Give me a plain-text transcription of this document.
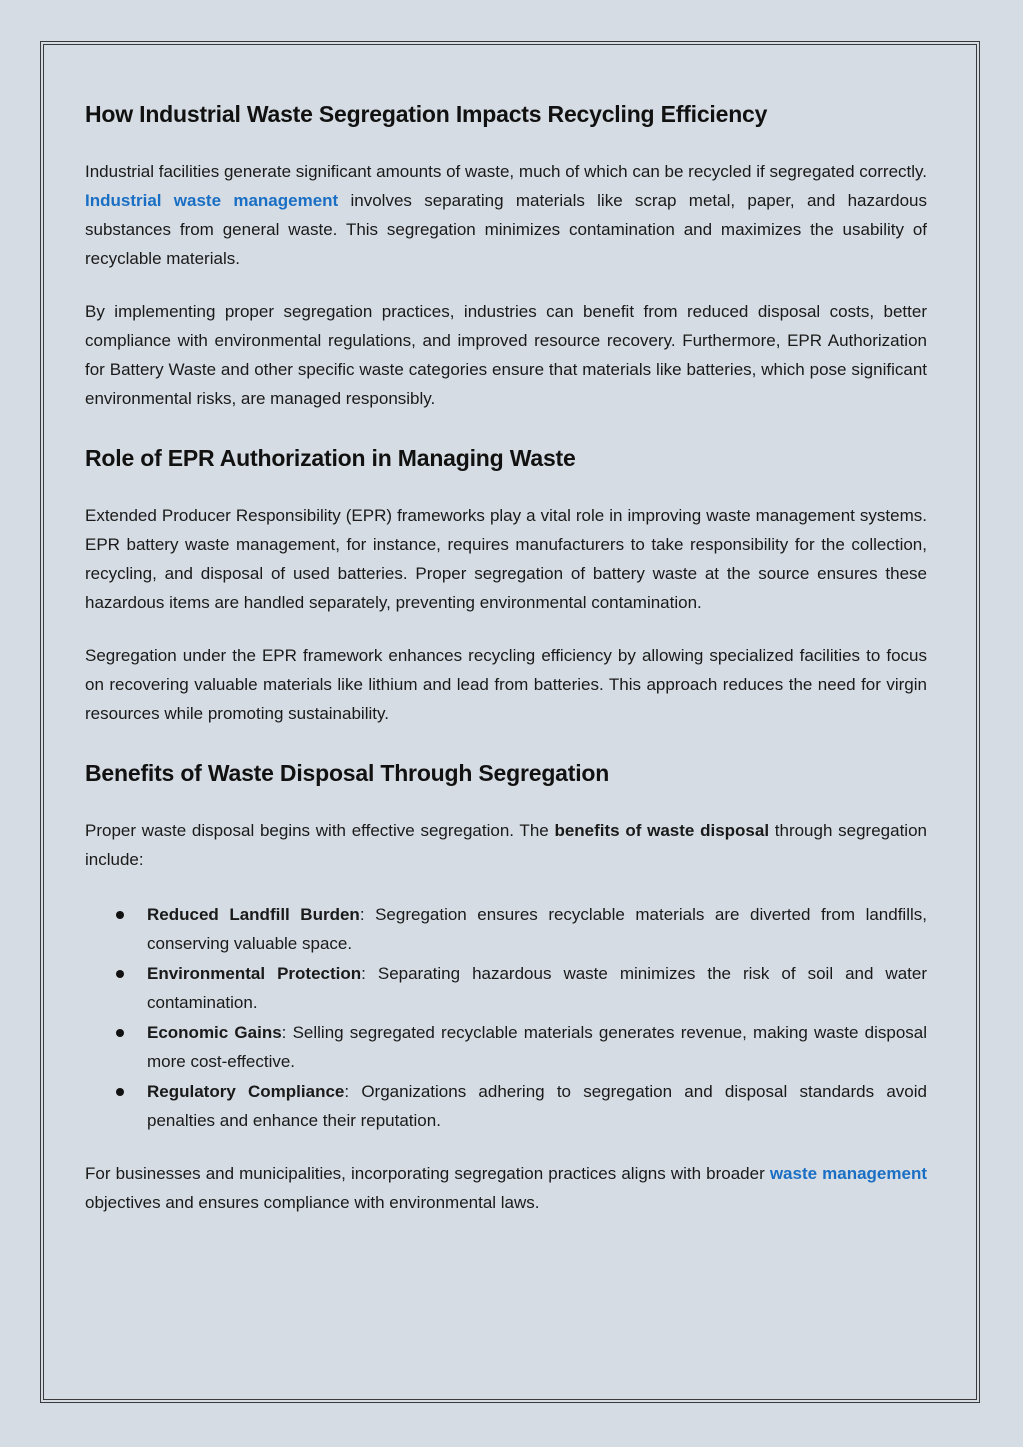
How Industrial Waste Segregation Impacts Recycling Efficiency

Industrial facilities generate significant amounts of waste, much of which can be recycled if segregated correctly. Industrial waste management involves separating materials like scrap metal, paper, and hazardous substances from general waste. This segregation minimizes contamination and maximizes the usability of recyclable materials.

By implementing proper segregation practices, industries can benefit from reduced disposal costs, better compliance with environmental regulations, and improved resource recovery. Furthermore, EPR Authorization for Battery Waste and other specific waste categories ensure that materials like batteries, which pose significant environmental risks, are managed responsibly.

Role of EPR Authorization in Managing Waste

Extended Producer Responsibility (EPR) frameworks play a vital role in improving waste management systems. EPR battery waste management, for instance, requires manufacturers to take responsibility for the collection, recycling, and disposal of used batteries. Proper segregation of battery waste at the source ensures these hazardous items are handled separately, preventing environmental contamination.

Segregation under the EPR framework enhances recycling efficiency by allowing specialized facilities to focus on recovering valuable materials like lithium and lead from batteries. This approach reduces the need for virgin resources while promoting sustainability.

Benefits of Waste Disposal Through Segregation

Proper waste disposal begins with effective segregation. The benefits of waste disposal through segregation include:

Reduced Landfill Burden: Segregation ensures recyclable materials are diverted from landfills, conserving valuable space.
Environmental Protection: Separating hazardous waste minimizes the risk of soil and water contamination.
Economic Gains: Selling segregated recyclable materials generates revenue, making waste disposal more cost-effective.
Regulatory Compliance: Organizations adhering to segregation and disposal standards avoid penalties and enhance their reputation.

For businesses and municipalities, incorporating segregation practices aligns with broader waste management objectives and ensures compliance with environmental laws.
